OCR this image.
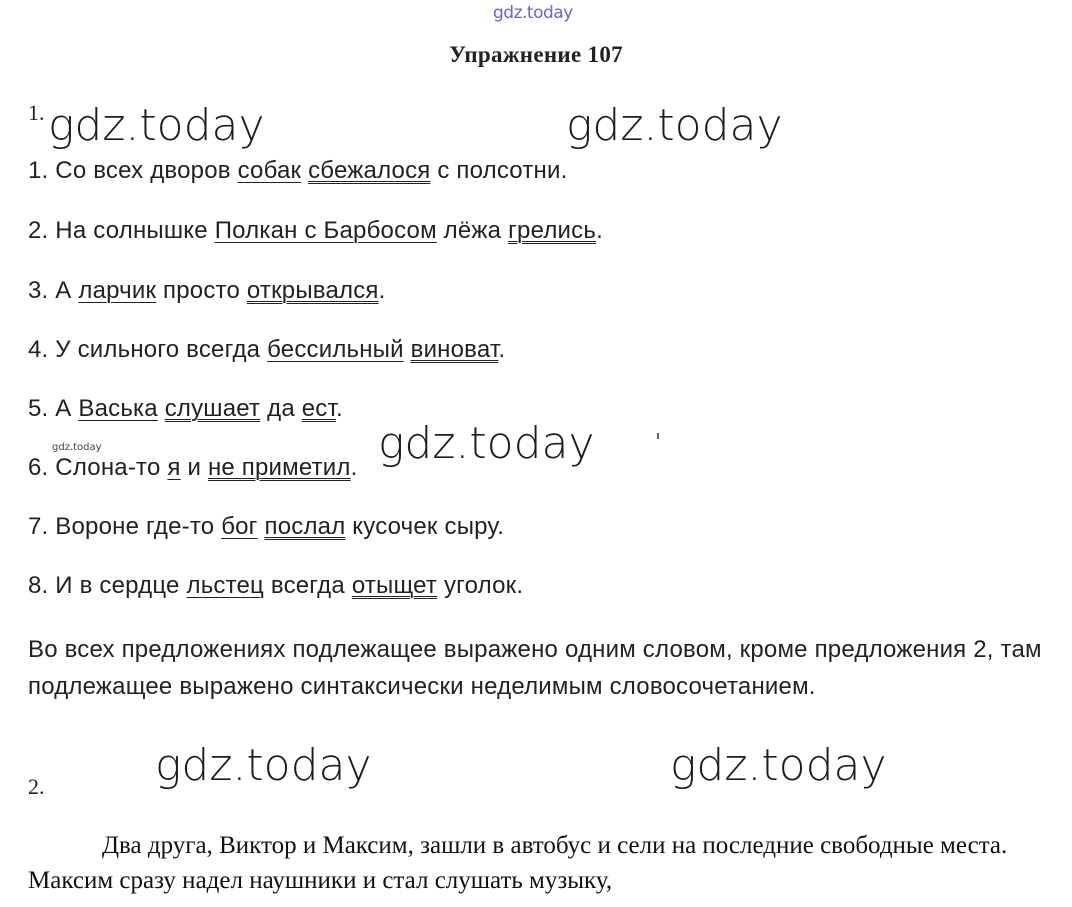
gdz.today
Упражнение 107
1. gdz.today	gdz.today
1. Со всех дворов собак сбежалося с полсотни.
2. На солнышке Полкан с Барбосом лёжа грелись.
3. А ларчик просто открывался.
4. У сильного всегда бессильный виноват.
5. А Васька слушает да ест.
6. Слона-то я и не приметил.
7. Вороне где-то бог послал кусочек сыру.
8. И в сердце льстец всегда отыщет уголок.
gdz.today	gdz.today
Во всех предложениях подлежащее выражено одним словом, кроме предложения 2, там подлежащее выражено синтаксически неделимым словосочетанием.
2.	gdz.today	gdz.today
Два друга, Виктор и Максим, зашли в автобус и сели на последние свободные места. Максим сразу надел наушники и стал слушать музыку,
